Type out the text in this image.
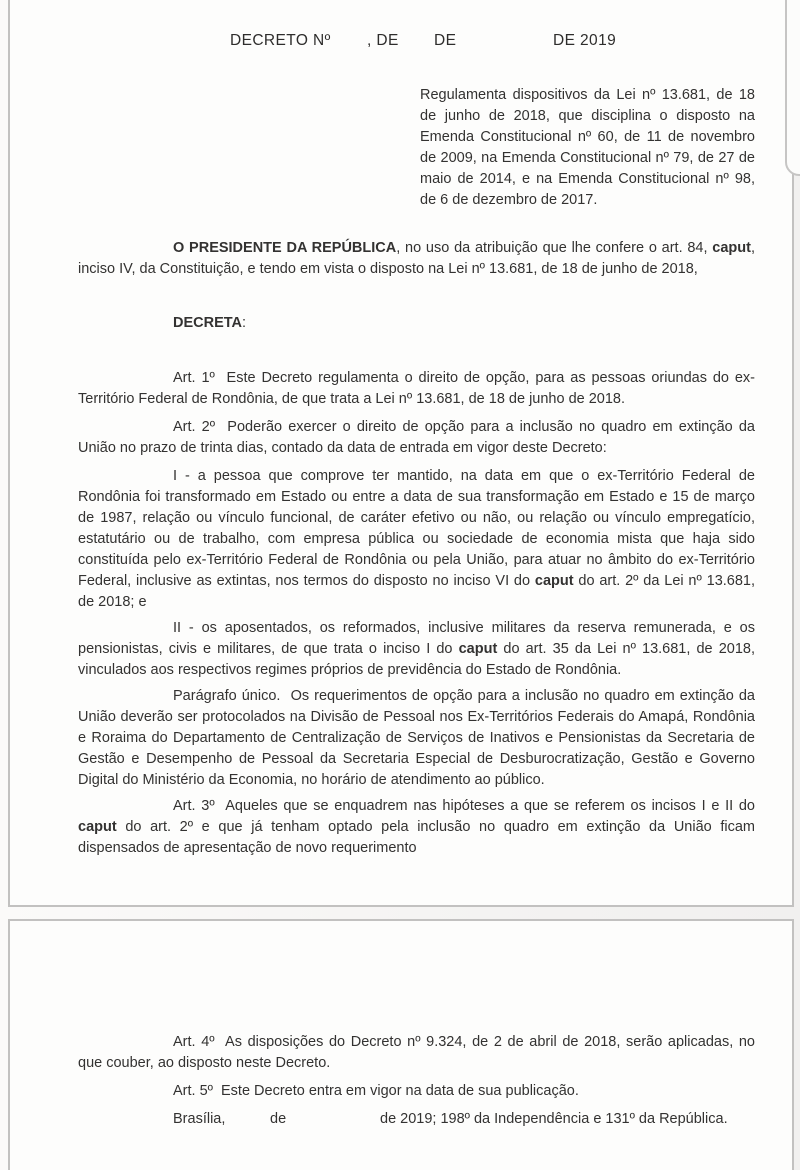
DECRETO Nº , DE DE	DE 2019
Regulamenta dispositivos da Lei nº 13.681, de 18 de junho de 2018, que disciplina o disposto na Emenda Constitucional nº 60, de 11 de novembro de 2009, na Emenda Constitucional nº 79, de 27 de maio de 2014, e na Emenda Constitucional nº 98, de 6 de dezembro de 2017.
O PRESIDENTE DA REPÚBLICA, no uso da atribuição que lhe confere o art. 84, caput, inciso IV, da Constituição, e tendo em vista o disposto na Lei nº 13.681, de 18 de junho de 2018,
DECRETA:
Art. 1º  Este Decreto regulamenta o direito de opção, para as pessoas oriundas do ex-Território Federal de Rondônia, de que trata a Lei nº 13.681, de 18 de junho de 2018.
Art. 2º  Poderão exercer o direito de opção para a inclusão no quadro em extinção da União no prazo de trinta dias, contado da data de entrada em vigor deste Decreto:
I - a pessoa que comprove ter mantido, na data em que o ex-Território Federal de Rondônia foi transformado em Estado ou entre a data de sua transformação em Estado e 15 de março de 1987, relação ou vínculo funcional, de caráter efetivo ou não, ou relação ou vínculo empregatício, estatutário ou de trabalho, com empresa pública ou sociedade de economia mista que haja sido constituída pelo ex-Território Federal de Rondônia ou pela União, para atuar no âmbito do ex-Território Federal, inclusive as extintas, nos termos do disposto no inciso VI do caput do art. 2º da Lei nº 13.681, de 2018; e
II - os aposentados, os reformados, inclusive militares da reserva remunerada, e os pensionistas, civis e militares, de que trata o inciso I do caput do art. 35 da Lei nº 13.681, de 2018, vinculados aos respectivos regimes próprios de previdência do Estado de Rondônia.
Parágrafo único.  Os requerimentos de opção para a inclusão no quadro em extinção da União deverão ser protocolados na Divisão de Pessoal nos Ex-Territórios Federais do Amapá, Rondônia e Roraima do Departamento de Centralização de Serviços de Inativos e Pensionistas da Secretaria de Gestão e Desempenho de Pessoal da Secretaria Especial de Desburocratização, Gestão e Governo Digital do Ministério da Economia, no horário de atendimento ao público.
Art. 3º  Aqueles que se enquadrem nas hipóteses a que se referem os incisos I e II do caput do art. 2º e que já tenham optado pela inclusão no quadro em extinção da União ficam dispensados de apresentação de novo requerimento
Art. 4º  As disposições do Decreto nº 9.324, de 2 de abril de 2018, serão aplicadas, no que couber, ao disposto neste Decreto.
Art. 5º  Este Decreto entra em vigor na data de sua publicação.
Brasília,	de	de 2019; 198º da Independência e 131º da República.
